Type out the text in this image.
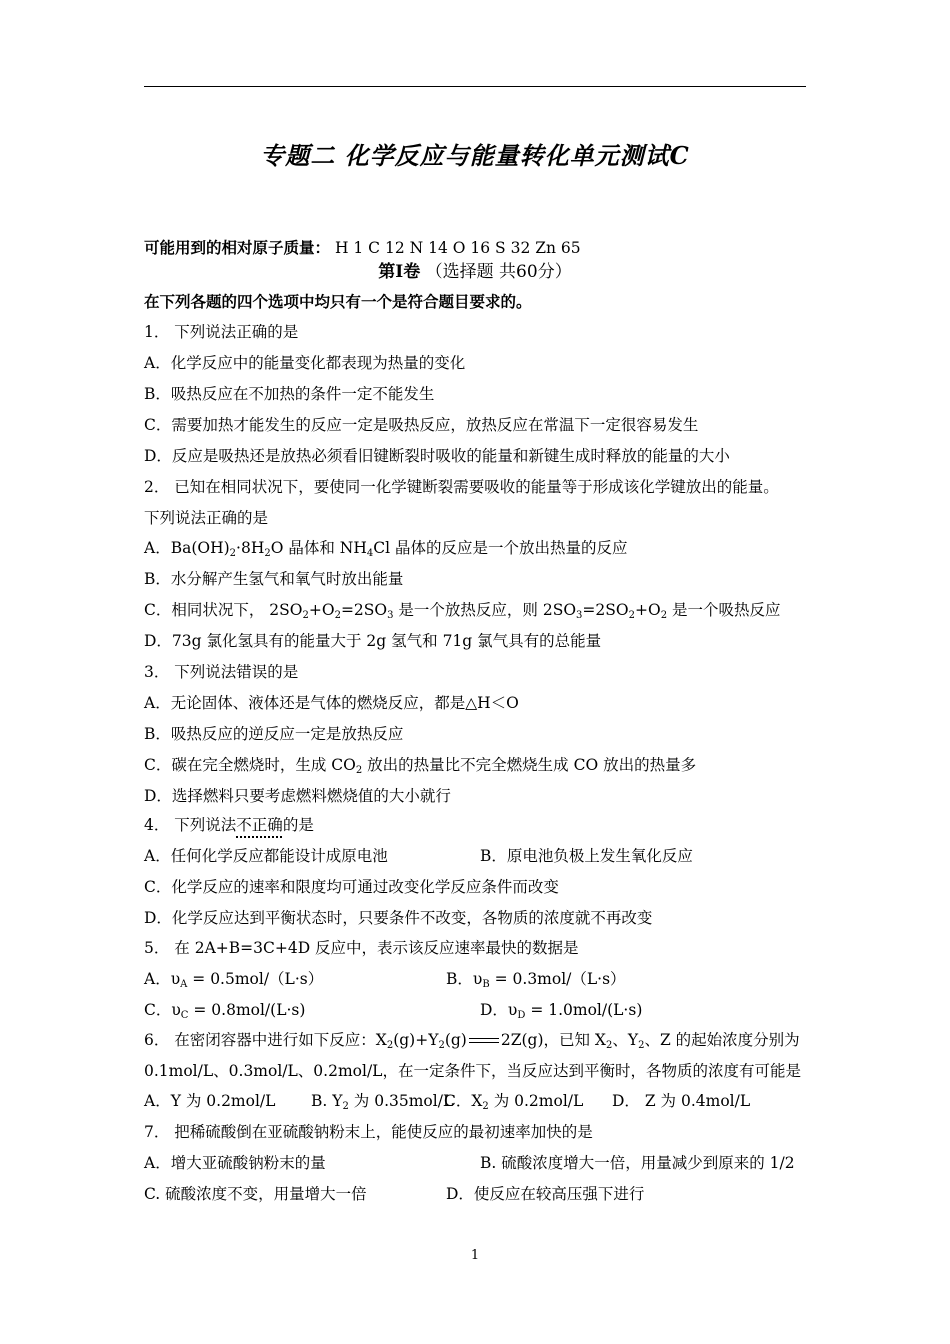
专题二 化学反应与能量转化单元测试C
可能用到的相对原子质量： H 1 C 12 N 14 O 16 S 32 Zn 65
第Ⅰ卷 （选择题 共60分）
在下列各题的四个选项中均只有一个是符合题目要求的。
1． 下列说法正确的是
A．化学反应中的能量变化都表现为热量的变化
B．吸热反应在不加热的条件一定不能发生
C．需要加热才能发生的反应一定是吸热反应，放热反应在常温下一定很容易发生
D．反应是吸热还是放热必须看旧键断裂时吸收的能量和新键生成时释放的能量的大小
2． 已知在相同状况下，要使同一化学键断裂需要吸收的能量等于形成该化学键放出的能量。
下列说法正确的是
A．$Ba(OH)_2\cdot 8H_2O$ 晶体和 $NH_4Cl$ 晶体的反应是一个放出热量的反应
B．水分解产生氢气和氧气时放出能量
C．相同状况下， $2SO_2+O_2=2SO_3$ 是一个放热反应，则 $2SO_3=2SO_2+O_2$ 是一个吸热反应
D．73g 氯化氢具有的能量大于 2g 氢气和 71g 氯气具有的总能量
3． 下列说法错误的是
A．无论固体、液体还是气体的燃烧反应，都是△H＜O
B．吸热反应的逆反应一定是放热反应
C．碳在完全燃烧时，生成 $CO_2$ 放出的热量比不完全燃烧生成 CO 放出的热量多
D．选择燃料只要考虑燃料燃烧值的大小就行
4． 下列说法不正确的是
A．任何化学反应都能设计成原电池	B．原电池负极上发生氧化反应
C．化学反应的速率和限度均可通过改变化学反应条件而改变
D．化学反应达到平衡状态时，只要条件不改变，各物质的浓度就不再改变
5． 在 2A+B=3C+4D 反应中，表示该反应速率最快的数据是
A．$\upsilon_A = 0.5mol/(L\cdot s)$	B．$\upsilon_B = 0.3mol/(L\cdot s)$
C．$\upsilon_C = 0.8mol/(L\cdot s)$	D．$\upsilon_D = 1.0mol/(L\cdot s)$
6． 在密闭容器中进行如下反应：$X_2(g)+Y_2(g)$ 2Z(g)，已知 $X_2$、$Y_2$、Z 的起始浓度分别为
0.1mol/L、0.3mol/L、0.2mol/L，在一定条件下，当反应达到平衡时，各物质的浓度有可能是
A．Y 为 0.2mol/L B. $Y_2$ 为 0.35mol/L
C．$X_2$ 为 0.2mol/L D． Z 为 0.4mol/L
7． 把稀硫酸倒在亚硫酸钠粉末上，能使反应的最初速率加快的是
A．增大亚硫酸钠粉末的量	B. 硫酸浓度增大一倍，用量减少到原来的 1/2
C. 硫酸浓度不变，用量增大一倍	D．使反应在较高压强下进行
1
